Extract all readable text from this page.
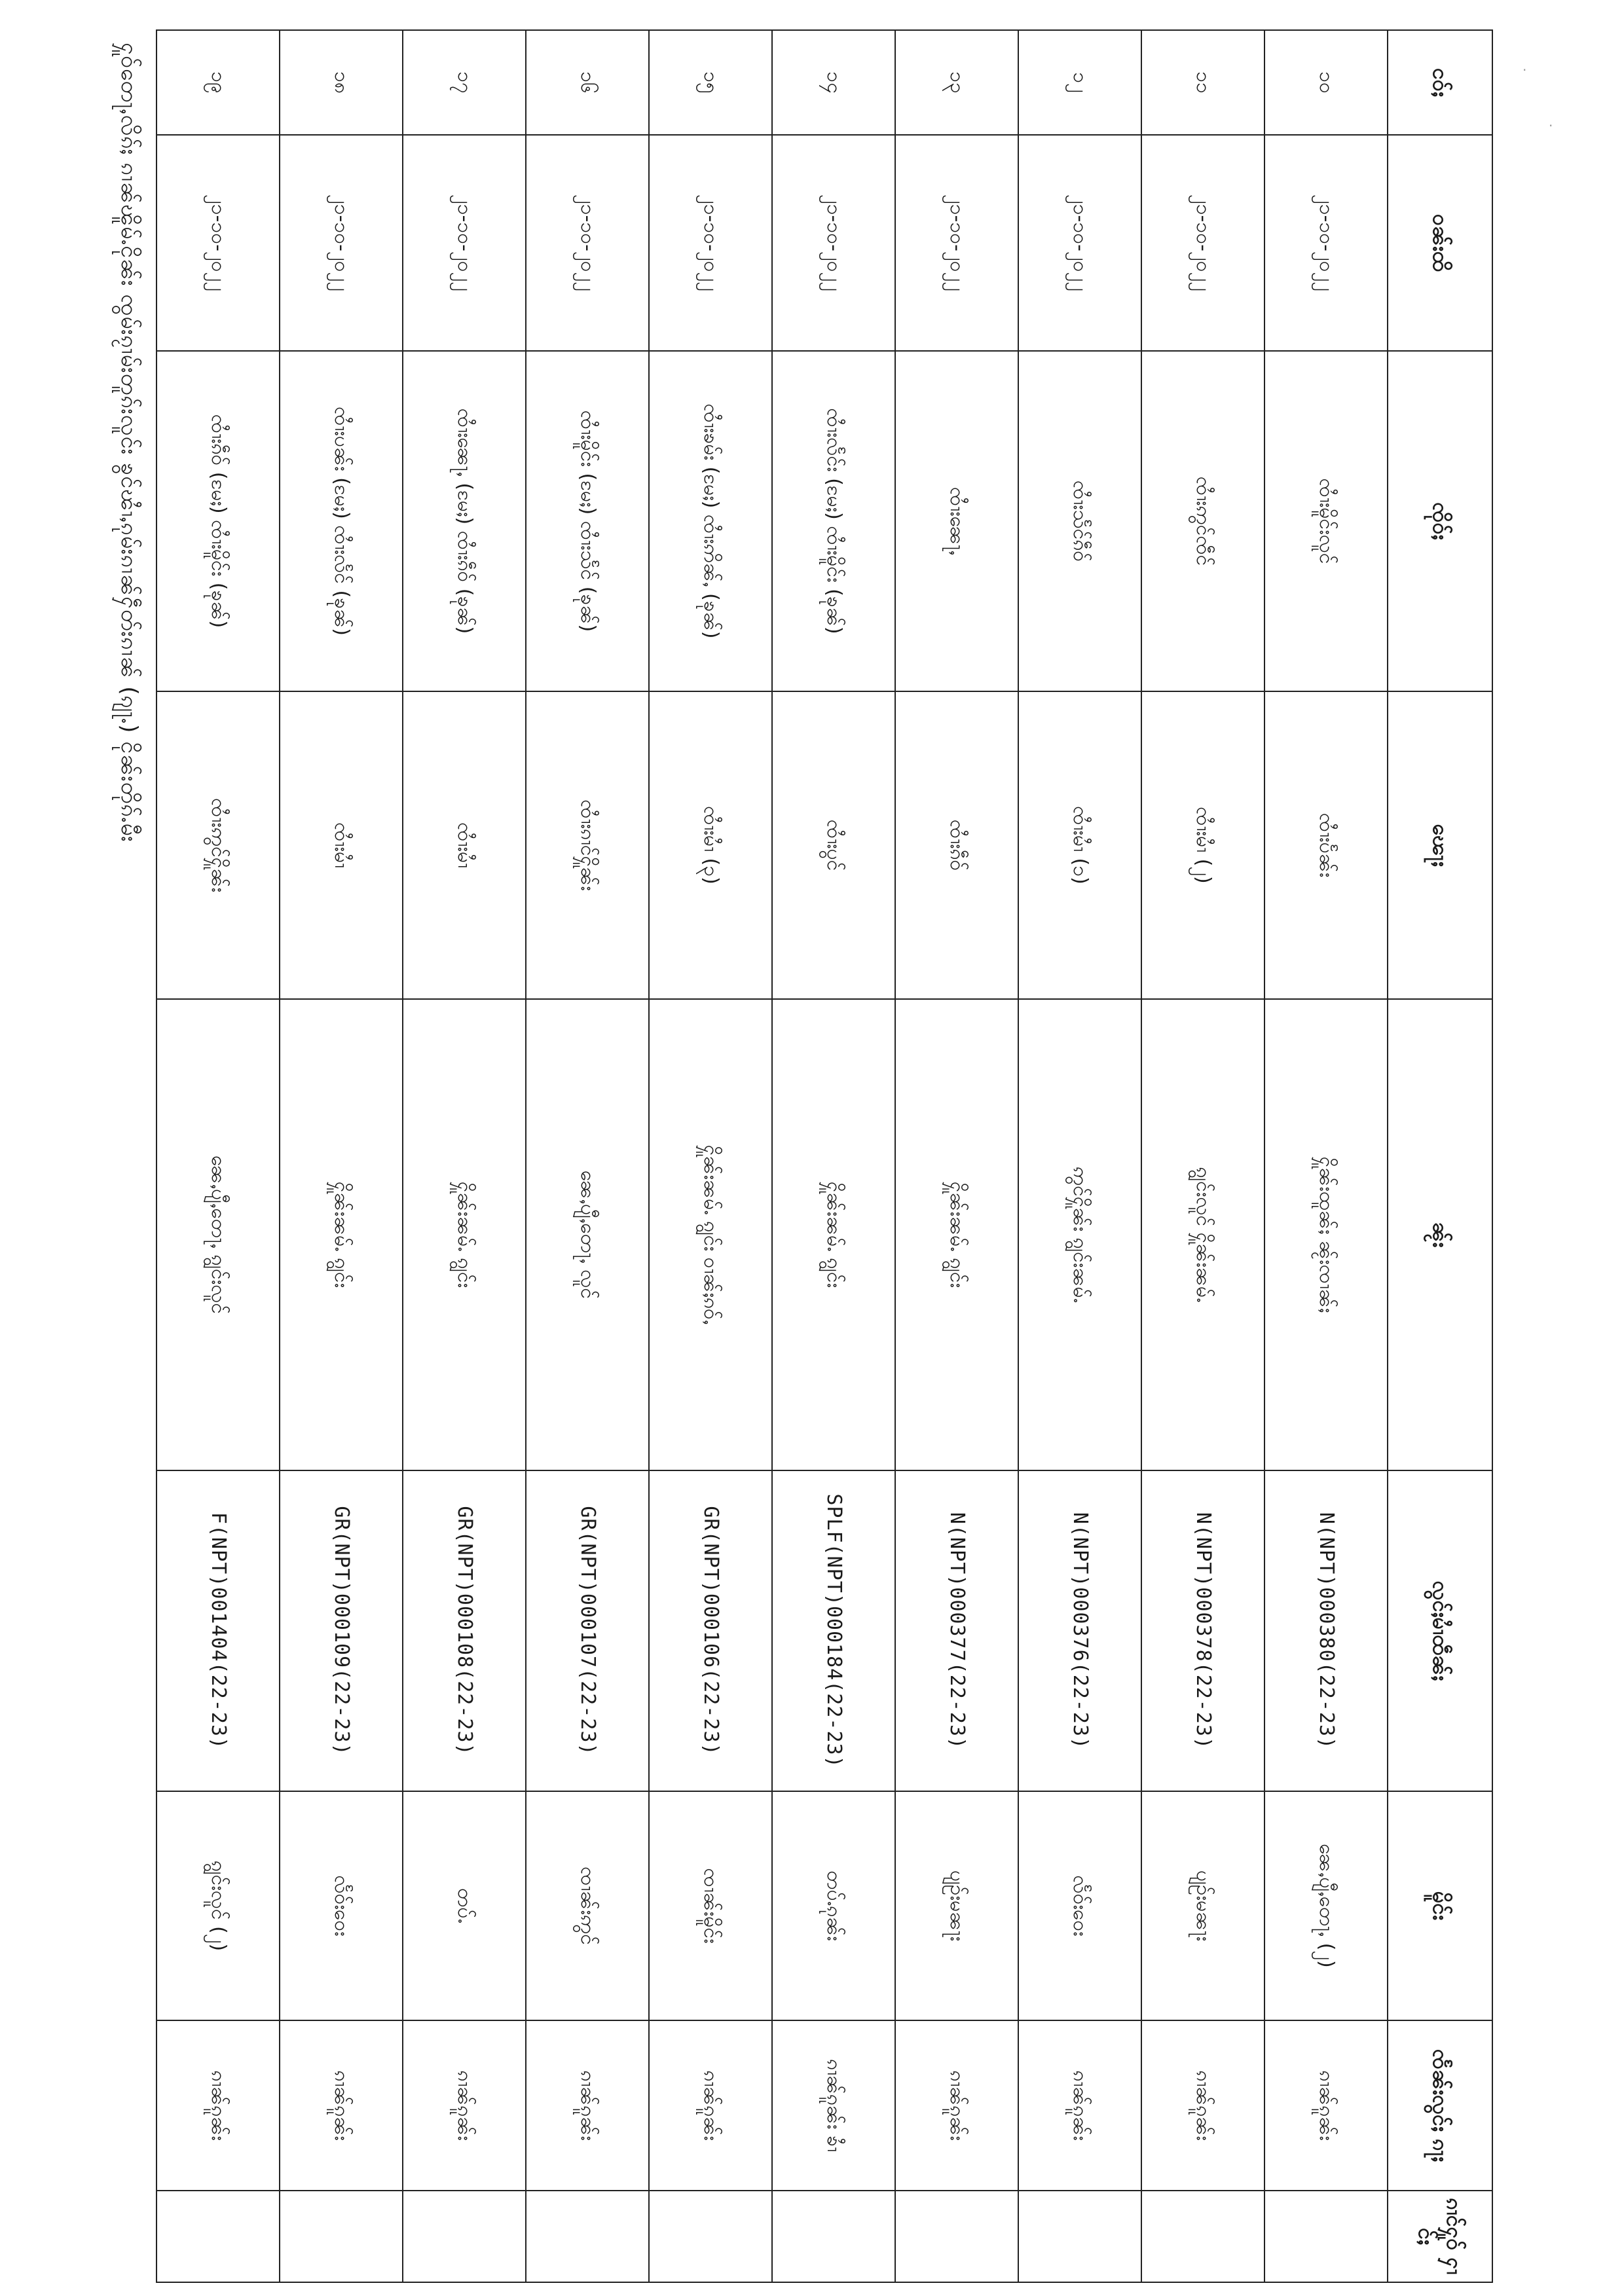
·
·
ငဝ်ႈ	ဝၼ်းထိ	ၸိုဝ်ႈ	ၽေႃႈ	ၼႂ်း	လွင်ႈမၢႆထဵၼ်ႈ	မိူင်း	ၸႅၼ်းလွင်ႈ ၵႃႈ	ၵၢင်ႁူဝ် ႁၢင်ႈ
၁၀	၂၁-၁၀-၂၀၂၂	ၸၢႆးမိူင်းလူင်	ၸၢႆးပႅၼ်း	ႁိူၼ်းထူၼ်ႈ ၼႂ်းၸၢၼ်ႈ	N(NPT)000380(22-23)	ၼေႇပျီႇတေႃႇ (၂)	ၵၢၼ်ၵူၼ်း	
၁၁	၂၁-၁၀-၂၀၂၂	ၸၢႆးဢွင်ၸဵင်	ၸၢႆးမၢႆ (၂)	ၵျွင်းလူင် ႁိူၼ်းၼမ်ႉ	N(NPT)000378(22-23)	ပျဥ်းမၼႃး	ၵၢၼ်ၵူၼ်း	
၁၂	၂၁-၁၀-၂၀၂၂	ၸၢႆးသႅင်ၵဵဝ်	ၸၢႆးမၢႆ (၁)	ဢွင်ႁိူၼ်း ၵျွင်းၼမ်ႉ	N(NPT)000376(22-23)	လႅဝ်းဝေး	ၵၢၼ်ၵူၼ်း	
၁၃	၂၁-၁၀-၂၀၂၂	ၸၢႆးၼေႃႇ	ၸၢႆးၵဵဝ်	ႁိူၼ်းၼမ်ႉ ၵျွင်း	N(NPT)000377(22-23)	ပျဥ်းမၼႃး	ၵၢၼ်ၵူၼ်း	
၁၄	၂၁-၁၀-၂၀၂၂	ၸၢႆးလႅင်း (မႄႈ) ၸၢႆးမိူင်း (ၶုၼ်)	ၸၢႆးပွင်	ႁိူၼ်းၼမ်ႉ ၵျွင်း	SPLF(NPT)000184(22-23)	တပ်ႉၵုၼ်း	ၵၢၼ်ၵူၼ်း ၶၢႆ	
၁၅	၂၁-၁၀-၂၀၂၂	ၸၢႆးၶမ်း (မႄႈ) ၸၢႆးဢိၼ်ႇ (ၶုၼ်)	ၸၢႆးမၢႆ (၃)	ႁိူၼ်းၼမ်ႉ ၵျွင်း ဝၢၼ်ႈၵဝ်ႇ	GR(NPT)000106(22-23)	ၸၢၼ်းမိူင်း	ၵၢၼ်ၵူၼ်း	
၁၆	၂၁-၁၀-၂၀၂၂	ၸၢႆးမိူင်း (မႄႈ) ၸၢႆးသႅင် (ၶုၼ်)	ၸၢႆးၵၢင်ႁိူၼ်း	ၼေႇပျီႇတေႃႇ လူင်	GR(NPT)000107(22-23)	ၸၢၼ်းဢွင်	ၵၢၼ်ၵူၼ်း	
၁၇	၂၁-၁၀-၂၀၂၂	ၸၢႆးၼေႃႇ (မႄႈ) ၸၢႆးၵဵဝ် (ၶုၼ်)	ၸၢႆးမၢႆ	ႁိူၼ်းၼမ်ႉ ၵျွင်း	GR(NPT)000108(22-23)	တပ်ႉ	ၵၢၼ်ၵူၼ်း	
၁၈	၂၁-၁၀-၂၀၂၂	ၸၢႆးပၼ်း (မႄႈ) ၸၢႆးလႅင် (ၶုၼ်)	ၸၢႆးမၢႆ	ႁိူၼ်းၼမ်ႉ ၵျွင်း	GR(NPT)000109(22-23)	လႅဝ်းဝေး	ၵၢၼ်ၵူၼ်း	
၁၉	၂၁-၁၀-၂၀၂၂	ၸၢႆးၵဵဝ် (မႄႈ) ၸၢႆးမိူင်း (ၶုၼ်)	ၸၢႆးဢွင်ႁိူၼ်း	ၼေႇပျီႇတေႃႇ ၵျွင်းလူင်	F(NPT)001404(22-23)	ၵျွင်းလူင် (၂)	ၵၢၼ်ၵူၼ်း	
ႁူဝ်တေႃႇလိၵ်ႈ ၵၢၼ်ၽိူမ်ႉငိုၼ်း ၸွမ်းၵႂၢမ်းတူၵ်းလူင်း ၶွင်ၽၢႆႇၵုမ်းၵၢၼ်ႁဵတ်းၵၢၼ် (ၵျႃႉ) ငိုၼ်းတိုၵ်ႉမီး
